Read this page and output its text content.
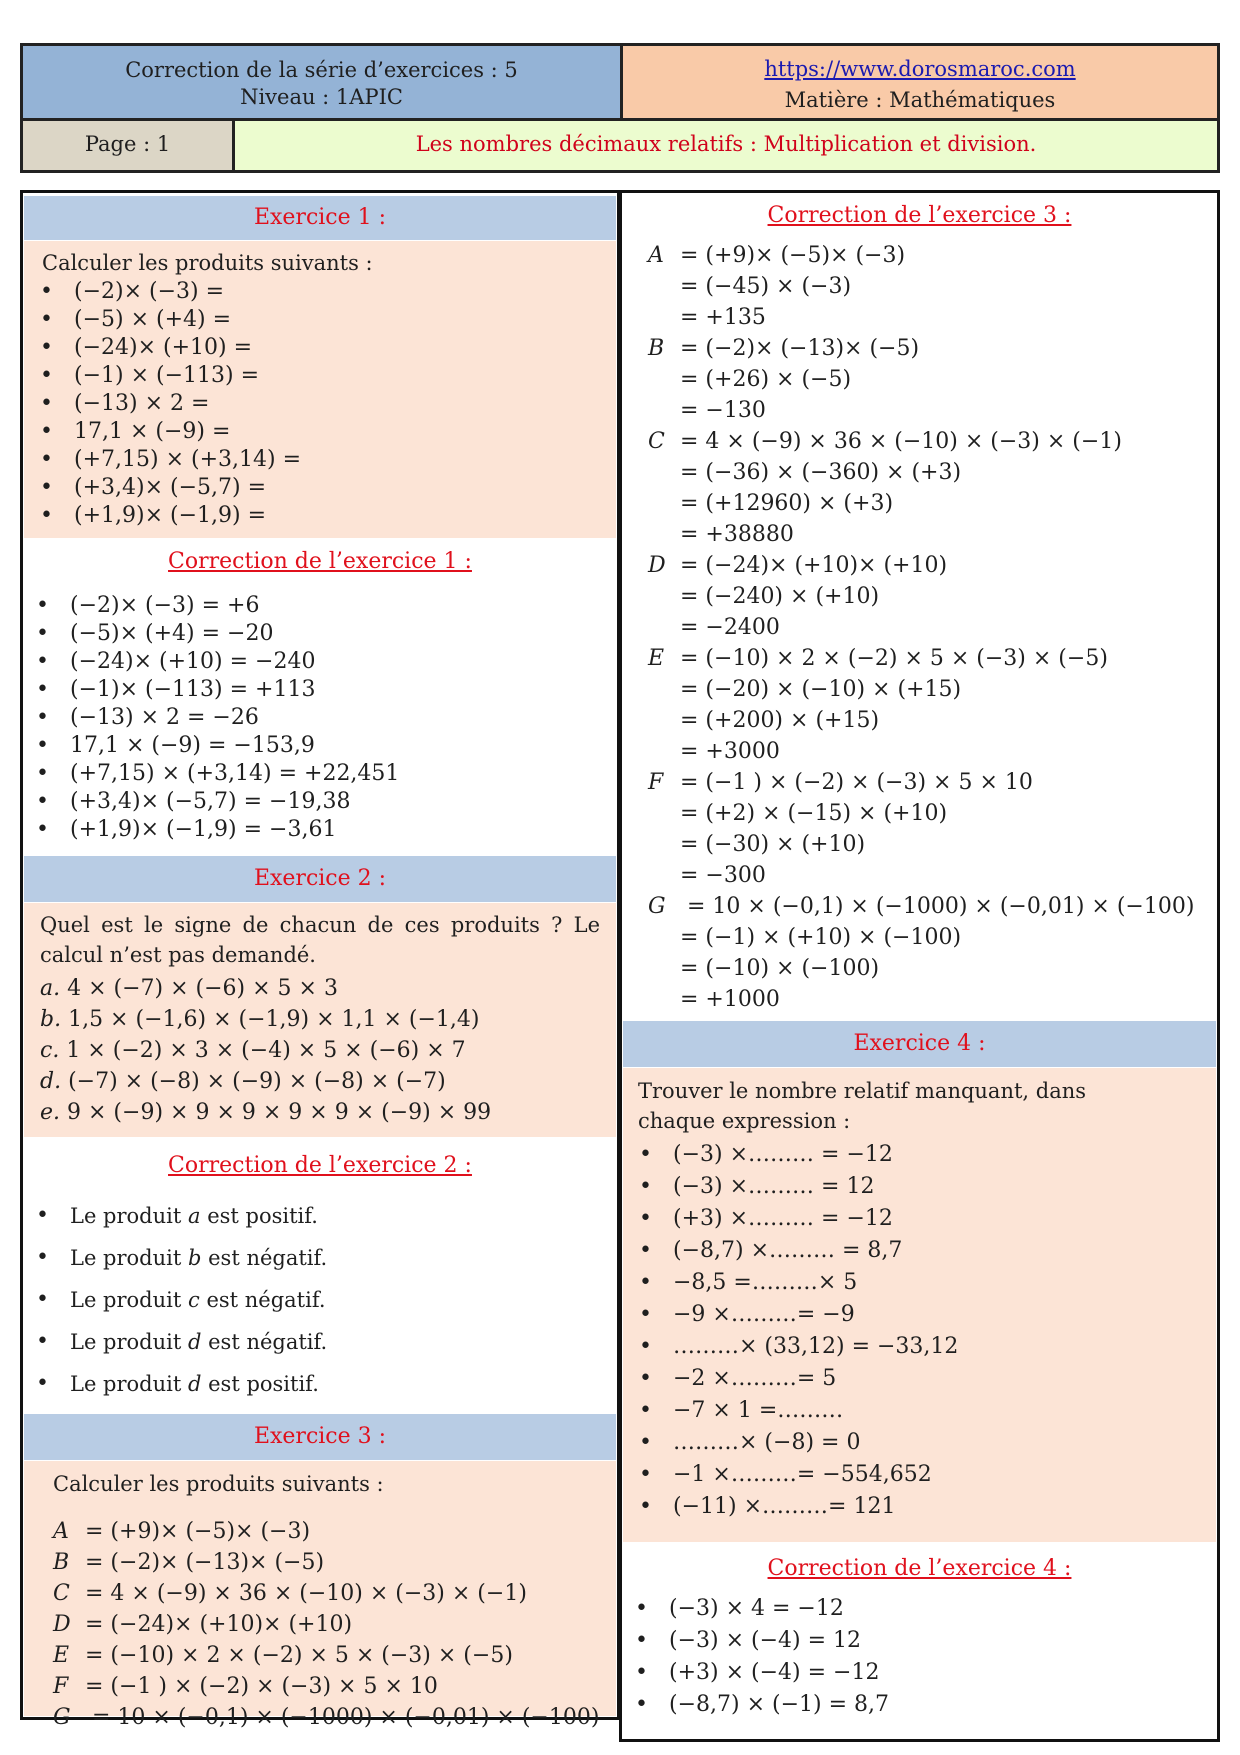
Correction de la série d’exercices : 5
Niveau : 1APIC
https://www.dorosmaroc.com
Matière : Mathématiques
Page : 1	Les nombres décimaux relatifs : Multiplication et division.
Exercice 1 :
Calculer les produits suivants :
• (−2)× (−3) =
• (−5) × (+4) =
• (−24)× (+10) =
• (−1) × (−113) =
• (−13) × 2 =
• 17,1 × (−9) =
• (+7,15) × (+3,14) =
• (+3,4)× (−5,7) =
• (+1,9)× (−1,9) =
Correction de l’exercice 1 :
• (−2)× (−3) = +6
• (−5)× (+4) = −20
• (−24)× (+10) = −240
• (−1)× (−113) = +113
• (−13) × 2 = −26
• 17,1 × (−9) = −153,9
• (+7,15) × (+3,14) = +22,451
• (+3,4)× (−5,7) = −19,38
• (+1,9)× (−1,9) = −3,61
Exercice 2 :
Quel est le signe de chacun de ces produits ? Le calcul n’est pas demandé.
a. 4 × (−7) × (−6) × 5 × 3
b. 1,5 × (−1,6) × (−1,9) × 1,1 × (−1,4)
c. 1 × (−2) × 3 × (−4) × 5 × (−6) × 7
d. (−7) × (−8) × (−9) × (−8) × (−7)
e. 9 × (−9) × 9 × 9 × 9 × 9 × (−9) × 99
Correction de l’exercice 2 :
• Le produit a est positif.
• Le produit b est négatif.
• Le produit c est négatif.
• Le produit d est négatif.
• Le produit d est positif.
Exercice 3 :
Calculer les produits suivants :
A = (+9)× (−5)× (−3)
B = (−2)× (−13)× (−5)
C = 4 × (−9) × 36 × (−10) × (−3) × (−1)
D = (−24)× (+10)× (+10)
E = (−10) × 2 × (−2) × 5 × (−3) × (−5)
F = (−1 ) × (−2) × (−3) × 5 × 10
G = 10 × (−0,1) × (−1000) × (−0,01) × (−100)
Correction de l’exercice 3 :
A = (+9)× (−5)× (−3)
= (−45) × (−3)
= +135
B = (−2)× (−13)× (−5)
= (+26) × (−5)
= −130
C = 4 × (−9) × 36 × (−10) × (−3) × (−1)
= (−36) × (−360) × (+3)
= (+12960) × (+3)
= +38880
D = (−24)× (+10)× (+10)
= (−240) × (+10)
= −2400
E = (−10) × 2 × (−2) × 5 × (−3) × (−5)
= (−20) × (−10) × (+15)
= (+200) × (+15)
= +3000
F = (−1 ) × (−2) × (−3) × 5 × 10
= (+2) × (−15) × (+10)
= (−30) × (+10)
= −300
G = 10 × (−0,1) × (−1000) × (−0,01) × (−100)
= (−1) × (+10) × (−100)
= (−10) × (−100)
= +1000
Exercice 4 :
Trouver le nombre relatif manquant, dans chaque expression :
• (−3) ×……… = −12
• (−3) ×……… = 12
• (+3) ×……… = −12
• (−8,7) ×……… = 8,7
• −8,5 =………× 5
• −9 ×………= −9
• ………× (33,12) = −33,12
• −2 ×………= 5
• −7 × 1 =………
• ………× (−8) = 0
• −1 ×………= −554,652
• (−11) ×………= 121
Correction de l’exercice 4 :
• (−3) × 4 = −12
• (−3) × (−4) = 12
• (+3) × (−4) = −12
• (−8,7) × (−1) = 8,7
